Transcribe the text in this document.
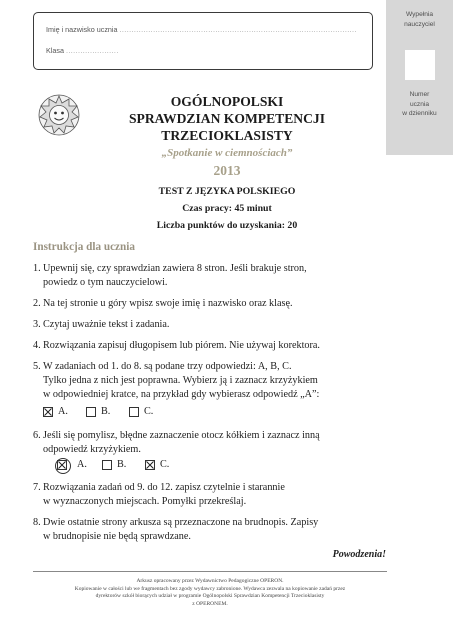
Imię i nazwisko ucznia ...................................................................................................
Klasa ......................
Wypełnia
nauczyciel
Numer
ucznia
w dzienniku
OGÓLNOPOLSKI
SPRAWDZIAN KOMPETENCJI
TRZECIOKLASISTY
„Spotkanie w ciemnościach”
2013
TEST Z JĘZYKA POLSKIEGO
Czas pracy: 45 minut
Liczba punktów do uzyskania: 20
Instrukcja dla ucznia
1. Upewnij się, czy sprawdzian zawiera 8 stron. Jeśli brakuje stron,
powiedz o tym nauczycielowi.
2. Na tej stronie u góry wpisz swoje imię i nazwisko oraz klasę.
3. Czytaj uważnie tekst i zadania.
4. Rozwiązania zapisuj długopisem lub piórem. Nie używaj korektora.
5. W zadaniach od 1. do 8. są podane trzy odpowiedzi: A, B, C.
Tylko jedna z nich jest poprawna. Wybierz ją i zaznacz krzyżykiem
w odpowiedniej kratce, na przykład gdy wybierasz odpowiedź „A”:
A.	B.	C.
6. Jeśli się pomylisz, błędne zaznaczenie otocz kółkiem i zaznacz inną
odpowiedź krzyżykiem.
A.	B.	C.
7. Rozwiązania zadań od 9. do 12. zapisz czytelnie i starannie
w wyznaczonych miejscach. Pomyłki przekreślaj.
8. Dwie ostatnie strony arkusza są przeznaczone na brudnopis. Zapisy
w brudnopisie nie będą sprawdzane.
Powodzenia!
Arkusz opracowany przez Wydawnictwo Pedagogiczne OPERON.
Kopiowanie w całości lub we fragmentach bez zgody wydawcy zabronione. Wydawca zezwala na kopiowanie zadań przez
dyrektorów szkół biorących udział w programie Ogólnopolski Sprawdzian Kompetencji Trzecioklasisty
z OPERONEM.
